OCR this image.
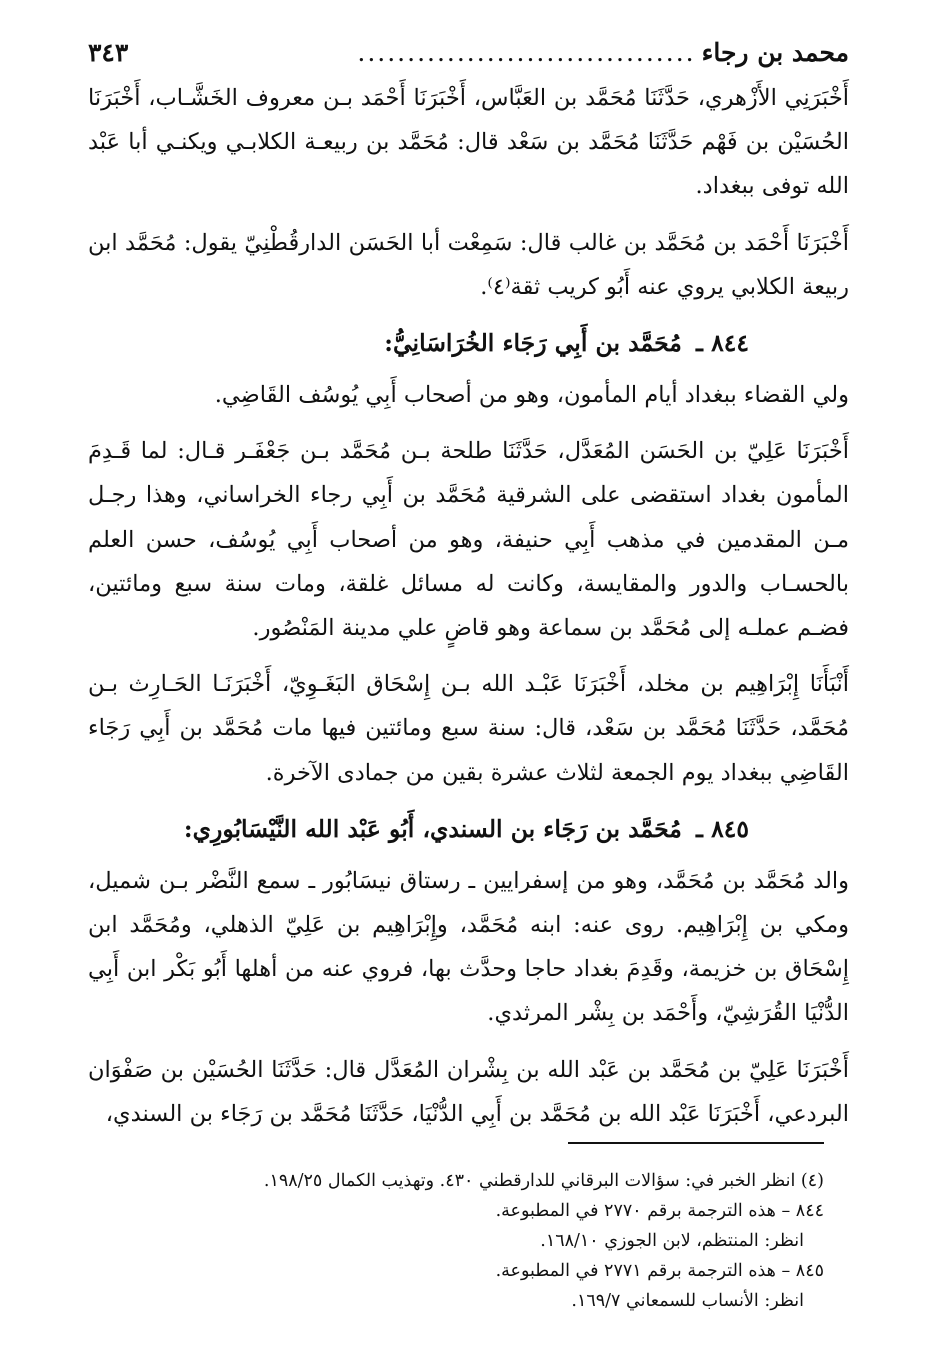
محمد بن رجاء
..................................
٣٤٣

أَخْبَرَنِي الأَزْهري، حَدَّثَنَا مُحَمَّد بن العَبَّاس، أَخْبَرَنَا أَحْمَد بـن معروف الخَشَّـاب، أَخْبَرَنَا الحُسَيْن بن فَهْم حَدَّثَنَا مُحَمَّد بن سَعْد قال: مُحَمَّد بن ربيعـة الكلابـي ويكنـي أبا عَبْد الله توفى ببغداد.

أَخْبَرَنَا أَحْمَد بن مُحَمَّد بن غالب قال: سَمِعْت أبا الحَسَن الدارقُطْنِيّ يقول: مُحَمَّد ابن ربيعة الكلابي يروي عنه أَبُو كريب ثقة⁽٤⁾.

٨٤٤ ـ مُحَمَّد بن أَبِي رَجَاء الخُرَاسَانِيُّ:

ولي القضاء ببغداد أيام المأمون، وهو من أصحاب أَبِي يُوسُف القَاضِي.

أَخْبَرَنَا عَلِيّ بن الحَسَن المُعَدَّل، حَدَّثَنَا طلحة بـن مُحَمَّد بـن جَعْفَـر قـال: لما قَـدِمَ المأمون بغداد استقضى على الشرقية مُحَمَّد بن أَبِي رجاء الخراساني، وهذا رجـل مـن المقدمين في مذهب أَبِي حنيفة، وهو من أصحاب أَبِي يُوسُف، حسن العلم بالحسـاب والدور والمقايسة، وكانت له مسائل غلقة، ومات سنة سبع ومائتين، فضـم عملـه إلى مُحَمَّد بن سماعة وهو قاضٍ علي مدينة المَنْصُور.

أَنْبَأَنَا إِبْرَاهِيم بن مخلد، أَخْبَرَنَا عَبْـد الله بـن إِسْحَاق البَغَـوِيّ، أَخْبَرَنَـا الحَـارِث بـن مُحَمَّد، حَدَّثَنَا مُحَمَّد بن سَعْد، قال: سنة سبع ومائتين فيها مات مُحَمَّد بن أَبِي رَجَاء القَاضِي ببغداد يوم الجمعة لثلاث عشرة بقين من جمادى الآخرة.

٨٤٥ ـ مُحَمَّد بن رَجَاء بن السندي، أَبُو عَبْد الله النَّيْسَابُورِي:

والد مُحَمَّد بن مُحَمَّد، وهو من إسفرايين ـ رستاق نيسَابُور ـ سمع النَّضْر بـن شميل، ومكي بن إِبْرَاهِيم. روى عنه: ابنه مُحَمَّد، وإِبْرَاهِيم بن عَلِيّ الذهلي، ومُحَمَّد ابن إِسْحَاق بن خزيمة، وقَدِمَ بغداد حاجا وحدَّث بها، فروي عنه من أهلها أَبُو بَكْر ابن أَبِي الدُّنْيَا القُرَشِيّ، وأَحْمَد بن بِشْر المرثدي.

أَخْبَرَنَا عَلِيّ بن مُحَمَّد بن عَبْد الله بن بِشْران المُعَدَّل قال: حَدَّثَنَا الحُسَيْن بن صَفْوَان البردعي، أَخْبَرَنَا عَبْد الله بن مُحَمَّد بن أَبِي الدُّنْيَا، حَدَّثَنَا مُحَمَّد بن رَجَاء بن السندي،

(٤) انظر الخبر في: سؤالات البرقاني للدارقطني ٤٣٠. وتهذيب الكمال ١٩٨/٢٥.

٨٤٤ – هذه الترجمة برقم ٢٧٧٠ في المطبوعة.

انظر: المنتظم، لابن الجوزي ١٦٨/١٠.

٨٤٥ – هذه الترجمة برقم ٢٧٧١ في المطبوعة.

انظر: الأنساب للسمعاني ١٦٩/٧.
